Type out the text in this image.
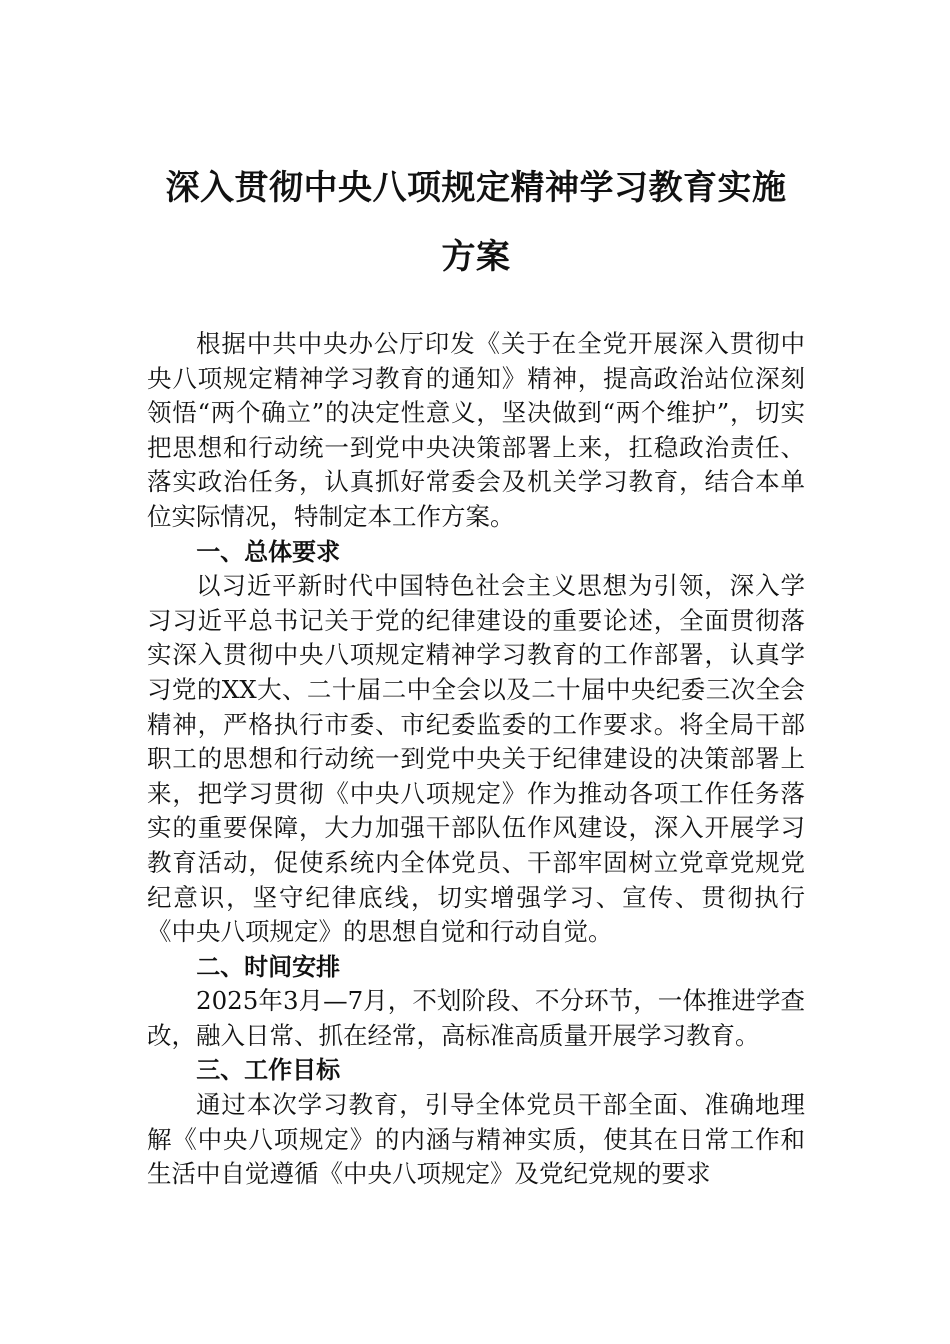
深入贯彻中央八项规定精神学习教育实施
方案

根据中共中央办公厅印发《关于在全党开展深入贯彻中央八项规定精神学习教育的通知》精神，提高政治站位深刻领悟“两个确立”的决定性意义，坚决做到“两个维护”，切实把思想和行动统一到党中央决策部署上来，扛稳政治责任、落实政治任务，认真抓好常委会及机关学习教育，结合本单位实际情况，特制定本工作方案。

一、总体要求

以习近平新时代中国特色社会主义思想为引领，深入学习习近平总书记关于党的纪律建设的重要论述，全面贯彻落实深入贯彻中央八项规定精神学习教育的工作部署，认真学习党的XX大、二十届二中全会以及二十届中央纪委三次全会精神，严格执行市委、市纪委监委的工作要求。将全局干部职工的思想和行动统一到党中央关于纪律建设的决策部署上来，把学习贯彻《中央八项规定》作为推动各项工作任务落实的重要保障，大力加强干部队伍作风建设，深入开展学习教育活动，促使系统内全体党员、干部牢固树立党章党规党纪意识，坚守纪律底线，切实增强学习、宣传、贯彻执行《中央八项规定》的思想自觉和行动自觉。

二、时间安排

2025年3月—7月，不划阶段、不分环节，一体推进学查改，融入日常、抓在经常，高标准高质量开展学习教育。

三、工作目标

通过本次学习教育，引导全体党员干部全面、准确地理解《中央八项规定》的内涵与精神实质，使其在日常工作和生活中自觉遵循《中央八项规定》及党纪党规的要求
